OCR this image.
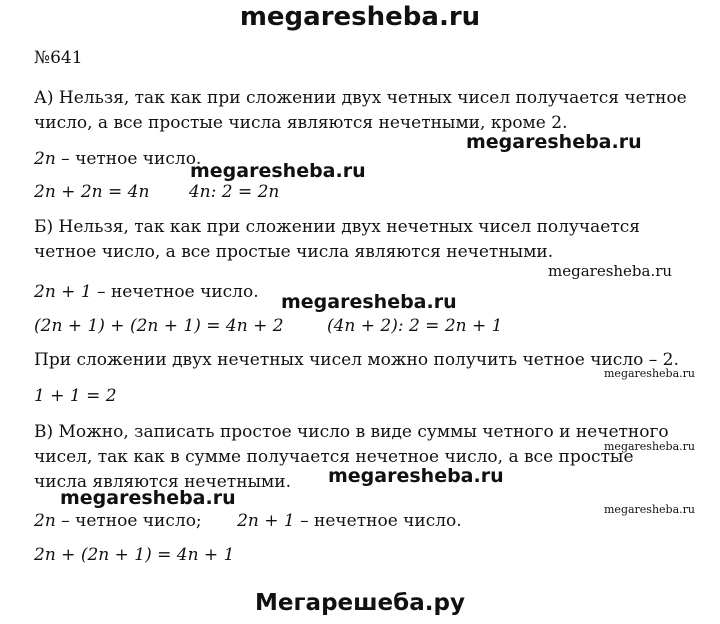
megaresheba.ru
№641
А) Нельзя, так как при сложении двух четных чисел получается четное число, а все простые числа являются нечетными, кроме 2.
2n – четное число.
2n + 2n = 4n 4n: 2 = 2n
Б) Нельзя, так как при сложении двух нечетных чисел получается четное число, а все простые числа являются нечетными.
2n + 1 – нечетное число.
(2n + 1) + (2n + 1) = 4n + 2	(4n + 2): 2 = 2n + 1
При сложении двух нечетных чисел можно получить четное число – 2.
1 + 1 = 2
В) Можно, записать простое число в виде суммы четного и нечетного чисел, так как в сумме получается нечетное число, а все простые числа являются нечетными.
2n – четное число; 2n + 1 – нечетное число.
2n + (2n + 1) = 4n + 1
megaresheba.ru
megaresheba.ru
megaresheba.ru
megaresheba.ru
megaresheba.ru
megaresheba.ru
megaresheba.ru
megaresheba.ru
megaresheba.ru
Мегарешеба.ру
